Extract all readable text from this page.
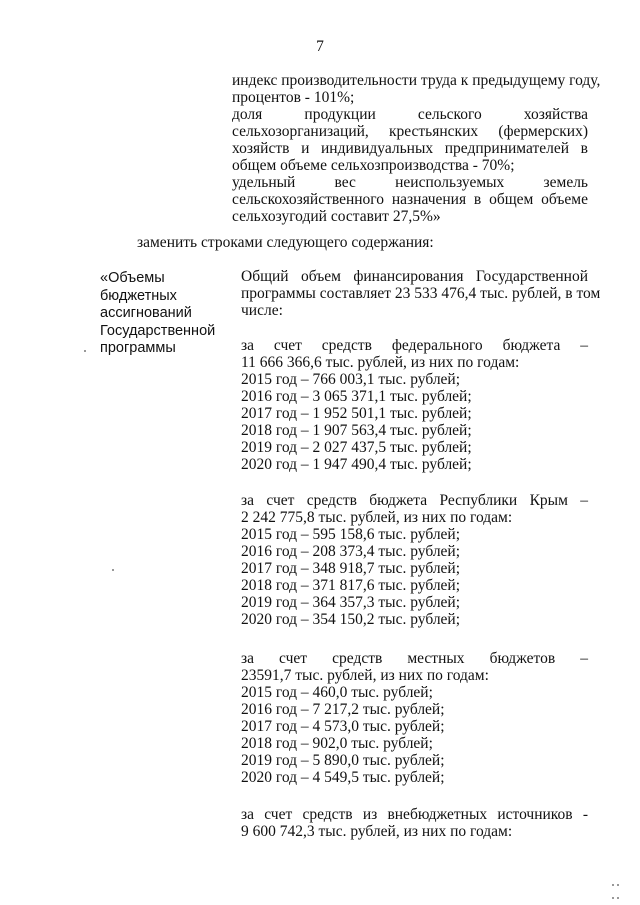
7
индекс производительности труда к предыдущему году,
процентов - 101%;
доля продукции сельского хозяйства
сельхозорганизаций, крестьянских (фермерских)
хозяйств и индивидуальных предпринимателей в
общем объеме сельхозпроизводства - 70%;
удельный вес неиспользуемых земель
сельскохозяйственного назначения в общем объеме
сельхозугодий составит 27,5%»
заменить строками следующего содержания:
«Объемы
бюджетных
ассигнований
Государственной
программы
Общий объем финансирования Государственной
программы составляет 23 533 476,4 тыс. рублей, в том
числе:
за счет средств федерального бюджета –
11 666 366,6 тыс. рублей, из них по годам:
2015 год – 766 003,1 тыс. рублей;
2016 год – 3 065 371,1 тыс. рублей;
2017 год – 1 952 501,1 тыс. рублей;
2018 год – 1 907 563,4 тыс. рублей;
2019 год – 2 027 437,5 тыс. рублей;
2020 год – 1 947 490,4 тыс. рублей;
за счет средств бюджета Республики Крым –
2 242 775,8 тыс. рублей, из них по годам:
2015 год – 595 158,6 тыс. рублей;
2016 год – 208 373,4 тыс. рублей;
2017 год – 348 918,7 тыс. рублей;
2018 год – 371 817,6 тыс. рублей;
2019 год – 364 357,3 тыс. рублей;
2020 год – 354 150,2 тыс. рублей;
за счет средств местных бюджетов –
23591,7 тыс. рублей, из них по годам:
2015 год – 460,0 тыс. рублей;
2016 год – 7 217,2 тыс. рублей;
2017 год – 4 573,0 тыс. рублей;
2018 год – 902,0 тыс. рублей;
2019 год – 5 890,0 тыс. рублей;
2020 год – 4 549,5 тыс. рублей;
за счет средств из внебюджетных источников -
9 600 742,3 тыс. рублей, из них по годам:
